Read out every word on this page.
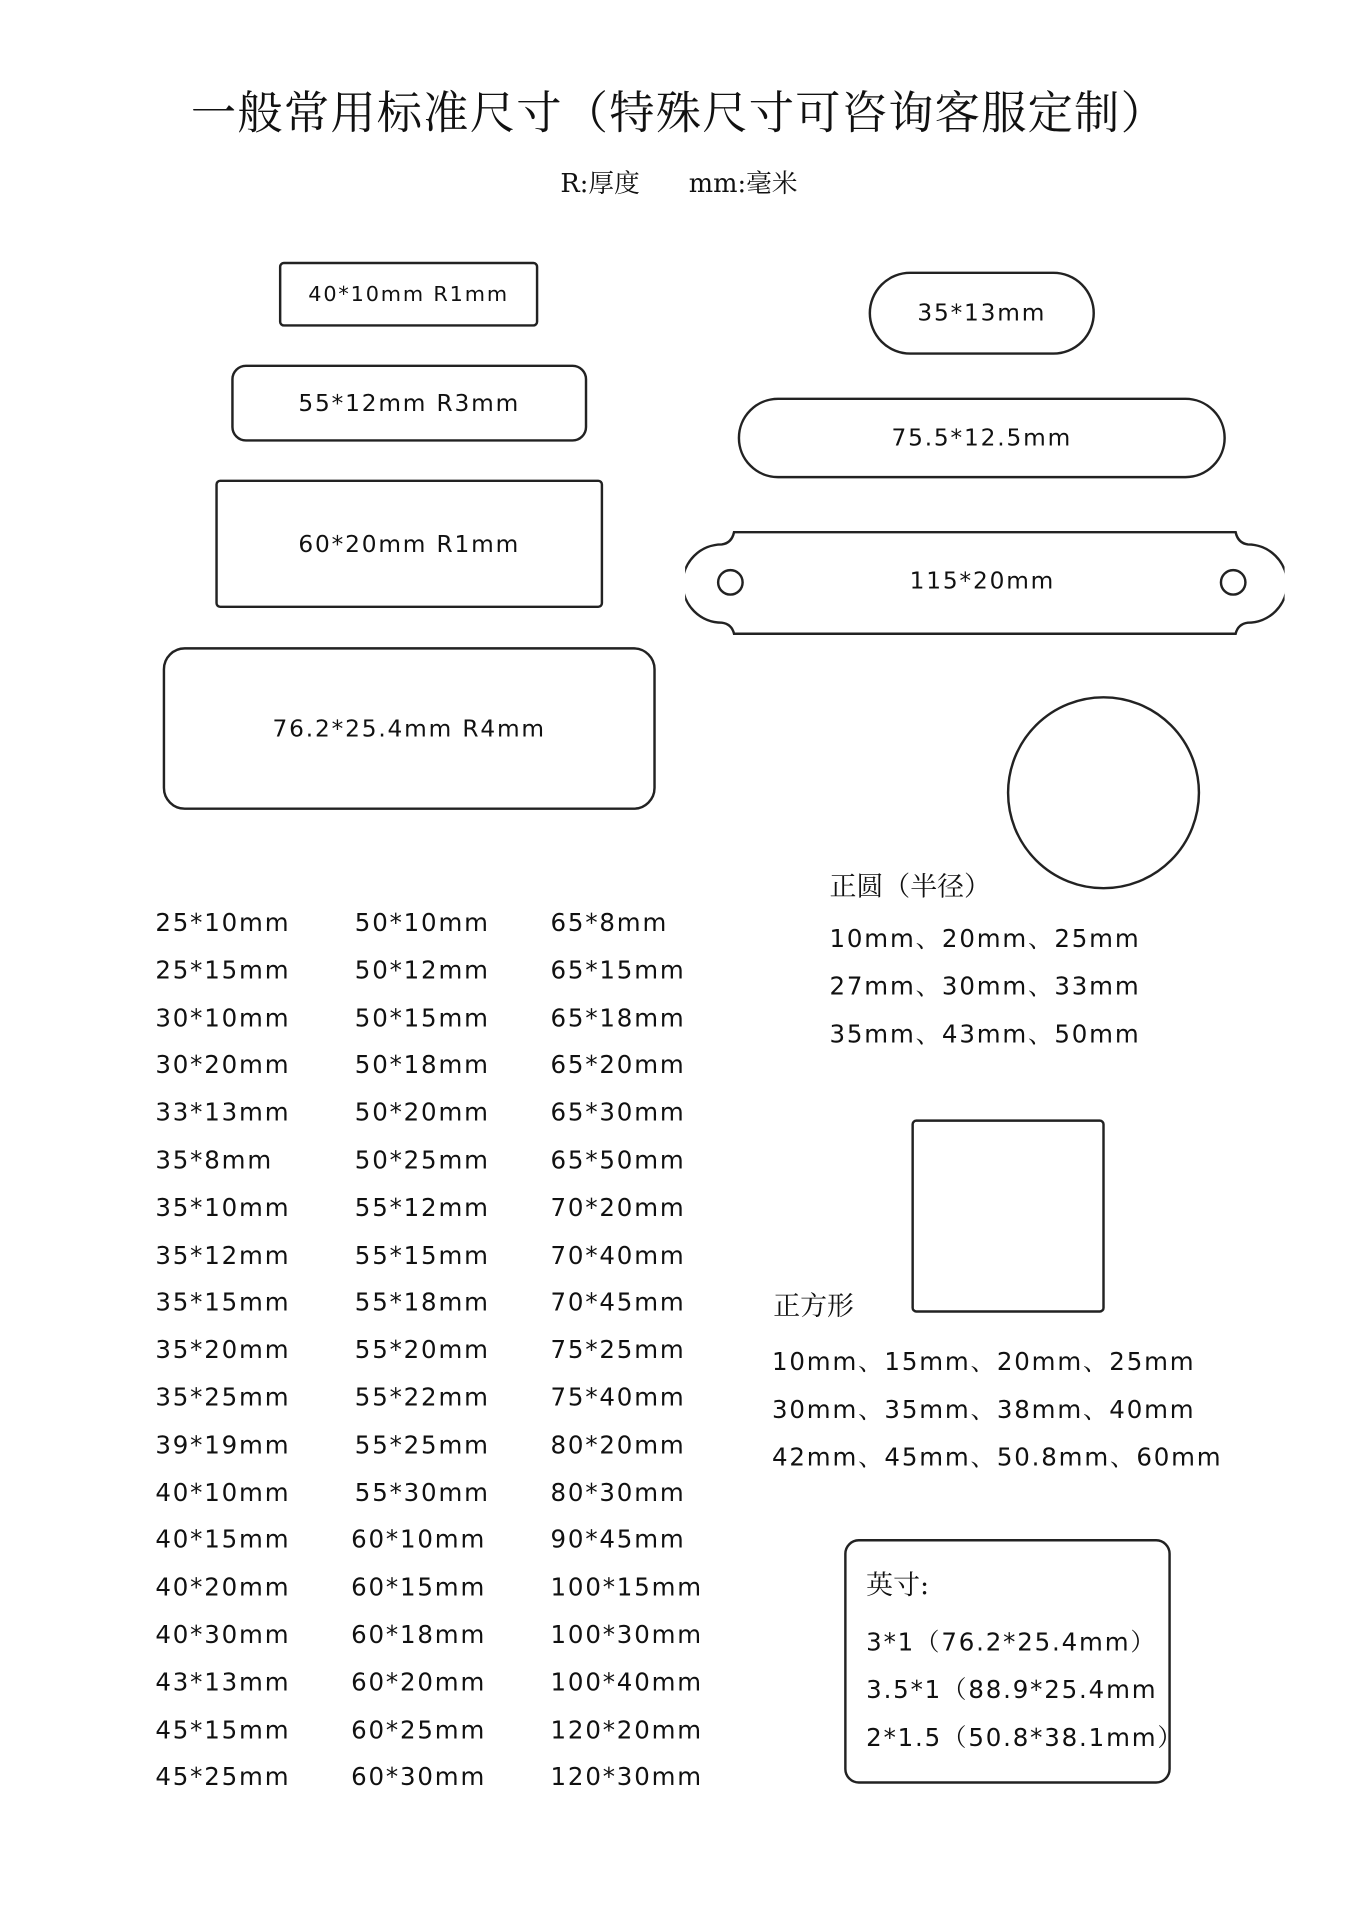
一般常用标准尺寸（特殊尺寸可咨询客服定制）
R:厚度 mm:毫米
40*10mm R1mm
55*12mm R3mm
60*20mm R1mm
76.2*25.4mm R4mm
35*13mm
75.5*12.5mm
115*20mm
正圆（半径）
10mm、20mm、25mm
27mm、30mm、33mm
35mm、43mm、50mm
正方形
10mm、15mm、20mm、25mm
30mm、35mm、38mm、40mm
42mm、45mm、50.8mm、60mm
英寸:
3*1（76.2*25.4mm）
3.5*1（88.9*25.4mm
2*1.5（50.8*38.1mm）
25*10mm
25*15mm
30*10mm
30*20mm
33*13mm
35*8mm
35*10mm
35*12mm
35*15mm
35*20mm
35*25mm
39*19mm
40*10mm
40*15mm
40*20mm
40*30mm
43*13mm
45*15mm
45*25mm
50*10mm
50*12mm
50*15mm
50*18mm
50*20mm
50*25mm
55*12mm
55*15mm
55*18mm
55*20mm
55*22mm
55*25mm
55*30mm
60*10mm
60*15mm
60*18mm
60*20mm
60*25mm
60*30mm
65*8mm
65*15mm
65*18mm
65*20mm
65*30mm
65*50mm
70*20mm
70*40mm
70*45mm
75*25mm
75*40mm
80*20mm
80*30mm
90*45mm
100*15mm
100*30mm
100*40mm
120*20mm
120*30mm
